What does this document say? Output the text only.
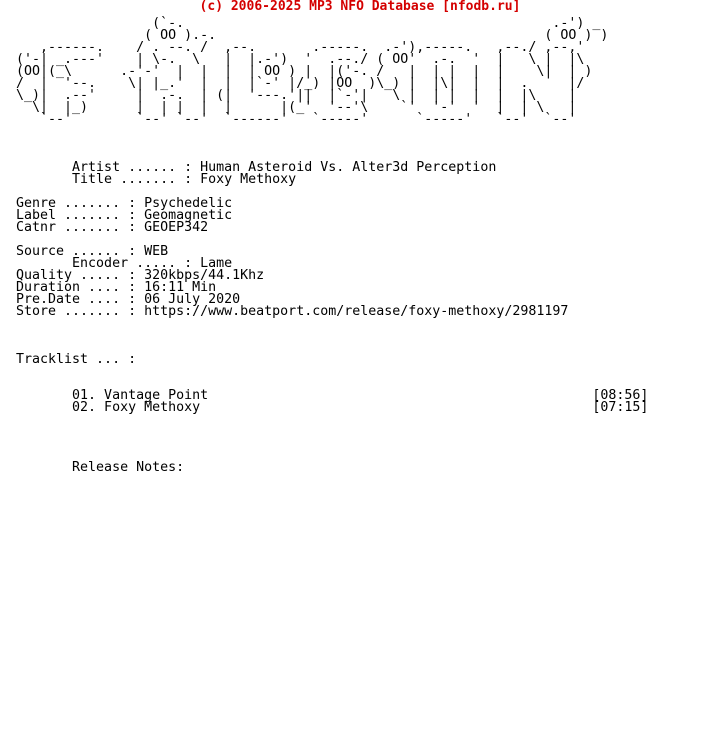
(c) 2006-2025 MP3 NFO Database [nfodb.ru]
(`-.                                              .-') _
( OO ).-.                                         ( OO ) )
,------.    / . --. /  ,--.       .-----.  .-'),-----.   ,--./ ,--,'
('-| _.---'    | \-.  \   |  |.-')  '  .--./ ( OO'  .-.  '  |   \ |  |\
(OO|(_\      .-'-'  |  |  |  | OO ) |  |('-. /   |  | |  |  |    \|  | )
/  |  '--.    \| |_.'  |  |  |`-' |/_) |OO  )\_) |  |\|  |  |  .     |/
\_)|  .--'     |  .-.  | (|  '---.'||  |`-'|   \ |  | |  |  |  |\    |
\|  |_)      |  | |  |  |      |(_'  '--'\    `'  '-'  '  |  | \   |
`--'        `--' `--'  `------'   `-----'      `-----'   `--'  `--'

Artist ...... : Human Asteroid Vs. Alter3d Perception
Title ....... : Foxy Methoxy

Genre ....... : Psychedelic
Label ....... : Geomagnetic
Catnr ....... : GEOEP342

Source ...... : WEB
Encoder ..... : Lame
Quality ..... : 320kbps/44.1Khz
Duration .... : 16:11 Min
Pre.Date .... : 06 July 2020
Store ....... : https://www.beatport.com/release/foxy-methoxy/2981197

Tracklist ... :

01. Vantage Point                                                [08:56]
02. Foxy Methoxy                                                 [07:15]

Release Notes:
